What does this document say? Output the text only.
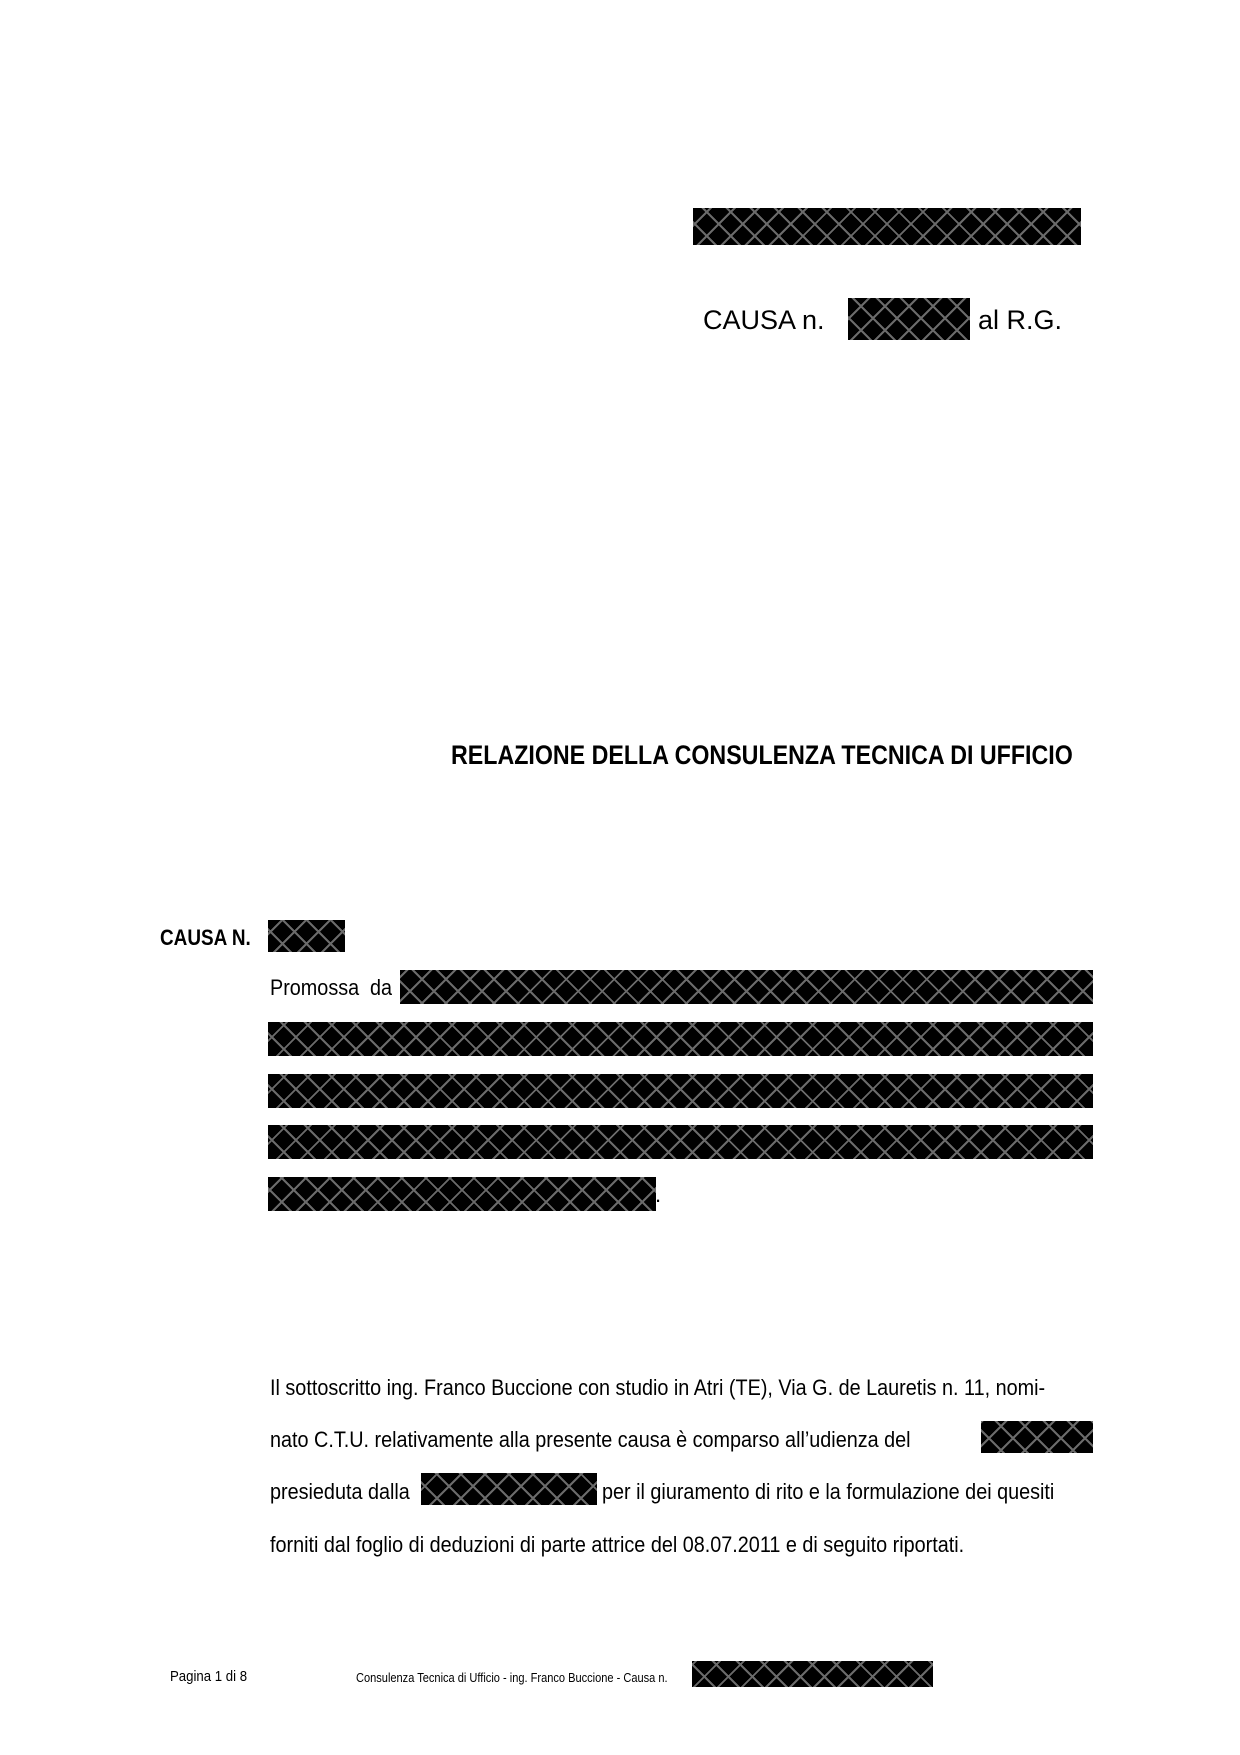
CAUSA n.	al R.G.
RELAZIONE DELLA CONSULENZA TECNICA DI UFFICIO
CAUSA N.
Promossa da
.
Il sottoscritto ing. Franco Buccione con studio in Atri (TE), Via G. de Lauretis n. 11, nomi-
nato C.T.U. relativamente alla presente causa è comparso all’udienza del
presieduta dalla	per il giuramento di rito e la formulazione dei quesiti
forniti dal foglio di deduzioni di parte attrice del 08.07.2011 e di seguito riportati.
Pagina 1 di 8	Consulenza Tecnica di Ufficio - ing. Franco Buccione - Causa n.
